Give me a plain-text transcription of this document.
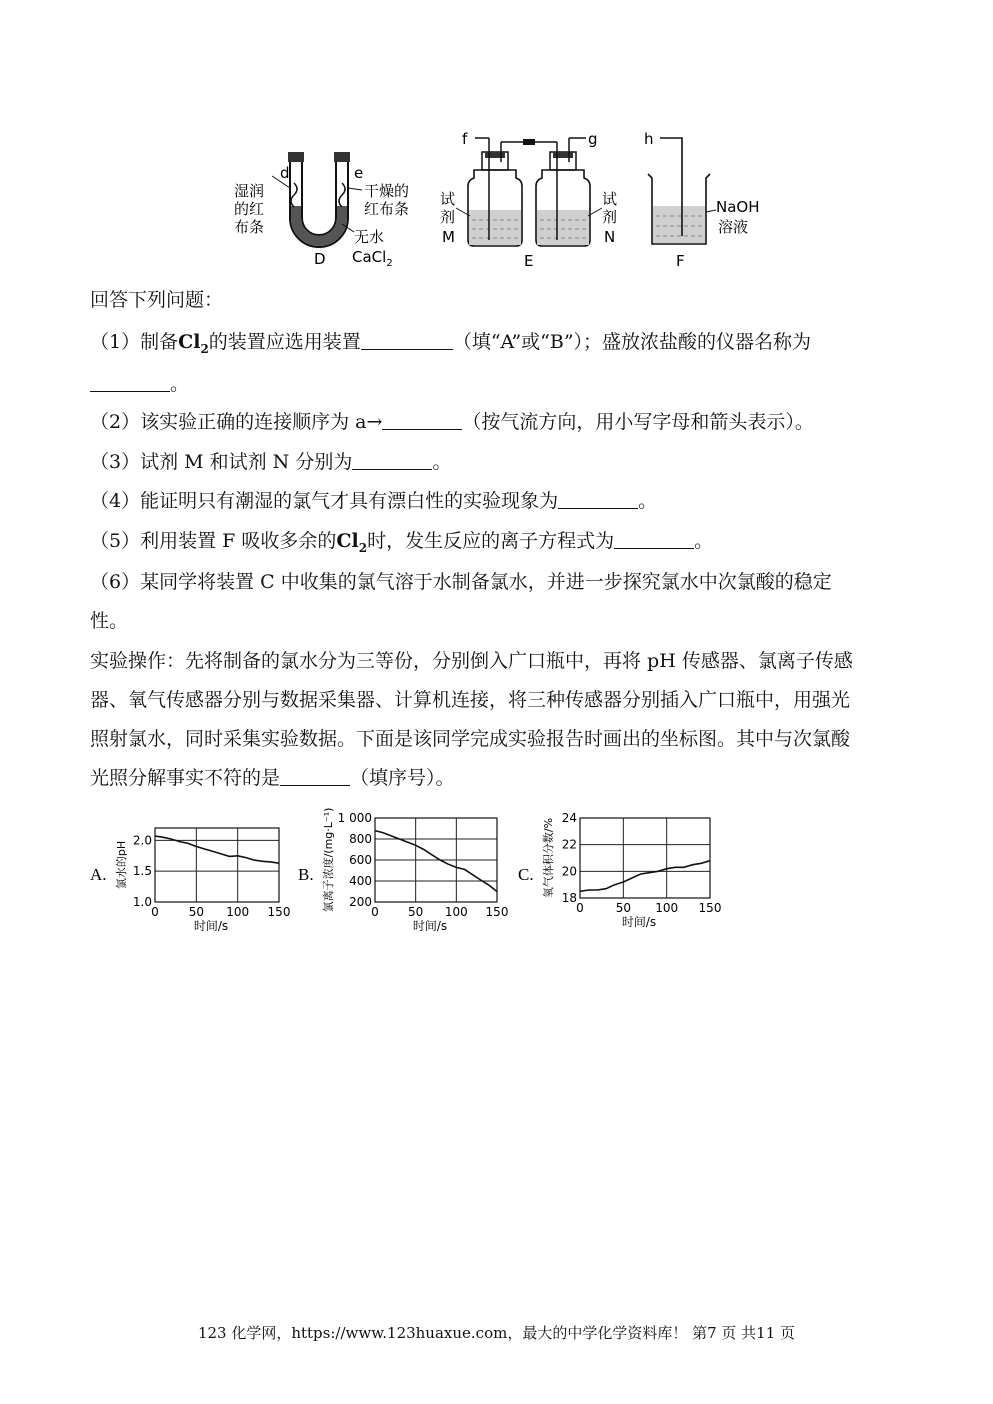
d	e
湿润
的红
布条
干燥的
红布条
无水
CaCl$_2$
D
f	g
试
剂
M
试
剂
N
E
h
NaOH
溶液
F
回答下列问题：
（1）制备$Cl_2$的装置应选用装置	（填“A”或“B”）；盛放浓盐酸的仪器名称为
。
（2）该实验正确的连接顺序为 a→	（按气流方向，用小写字母和箭头表示）。
（3）试剂 M 和试剂 N 分别为	。
（4）能证明只有潮湿的氯气才具有漂白性的实验现象为	。
（5）利用装置 F 吸收多余的$Cl_2$时，发生反应的离子方程式为	。
（6）某同学将装置 C 中收集的氯气溶于水制备氯水，并进一步探究氯水中次氯酸的稳定
性。
实验操作：先将制备的氯水分为三等份，分别倒入广口瓶中，再将 pH 传感器、氯离子传感
器、氧气传感器分别与数据采集器、计算机连接，将三种传感器分别插入广口瓶中，用强光
照射氯水，同时采集实验数据。下面是该同学完成实验报告时画出的坐标图。其中与次氯酸
光照分解事实不符的是	（填序号）。
A.
0 50 100 150
1.0
1.5
2.0
时间/s
氯水的pH	B.
0 50 100 150
200
400
600
800
1 000
时间/s
氯离子浓度/(mg·L⁻¹)	C.
0	50 100 150
18
20
22
24
时间/s
氧气体积分数/%
123 化学网，https://www.123huaxue.com，最大的中学化学资料库！ 第7 页 共11 页
